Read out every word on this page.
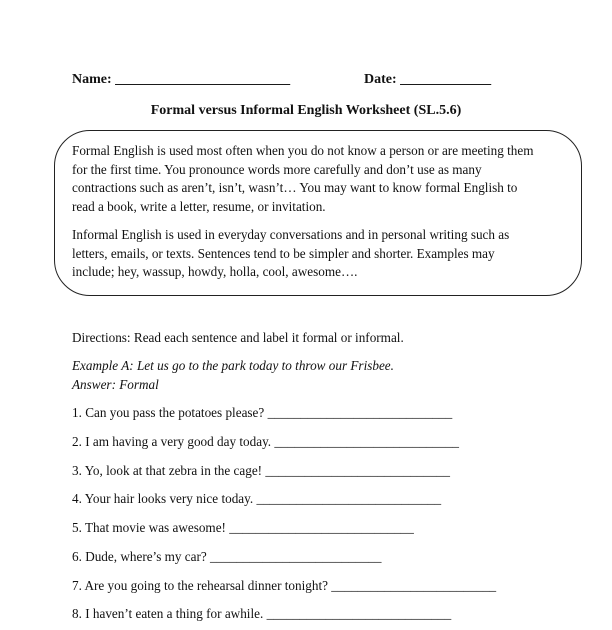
Name: _________________________	Date: _____________
Formal versus Informal English Worksheet (SL.5.6)
Formal English is used most often when you do not know a person or are meeting them
for the first time. You pronounce words more carefully and don’t use as many
contractions such as aren’t, isn’t, wasn’t… You may want to know formal English to
read a book, write a letter, resume, or invitation.
Informal English is used in everyday conversations and in personal writing such as
letters, emails, or texts. Sentences tend to be simpler and shorter. Examples may
include; hey, wassup, howdy, holla, cool, awesome….
Directions: Read each sentence and label it formal or informal.
Example A: Let us go to the park today to throw our Frisbee.
Answer: Formal
1. Can you pass the potatoes please? ____________________________
2. I am having a very good day today. ____________________________
3. Yo, look at that zebra in the cage! ____________________________
4. Your hair looks very nice today. ____________________________
5. That movie was awesome! ____________________________
6. Dude, where’s my car? __________________________
7. Are you going to the rehearsal dinner tonight? _________________________
8. I haven’t eaten a thing for awhile. ____________________________
